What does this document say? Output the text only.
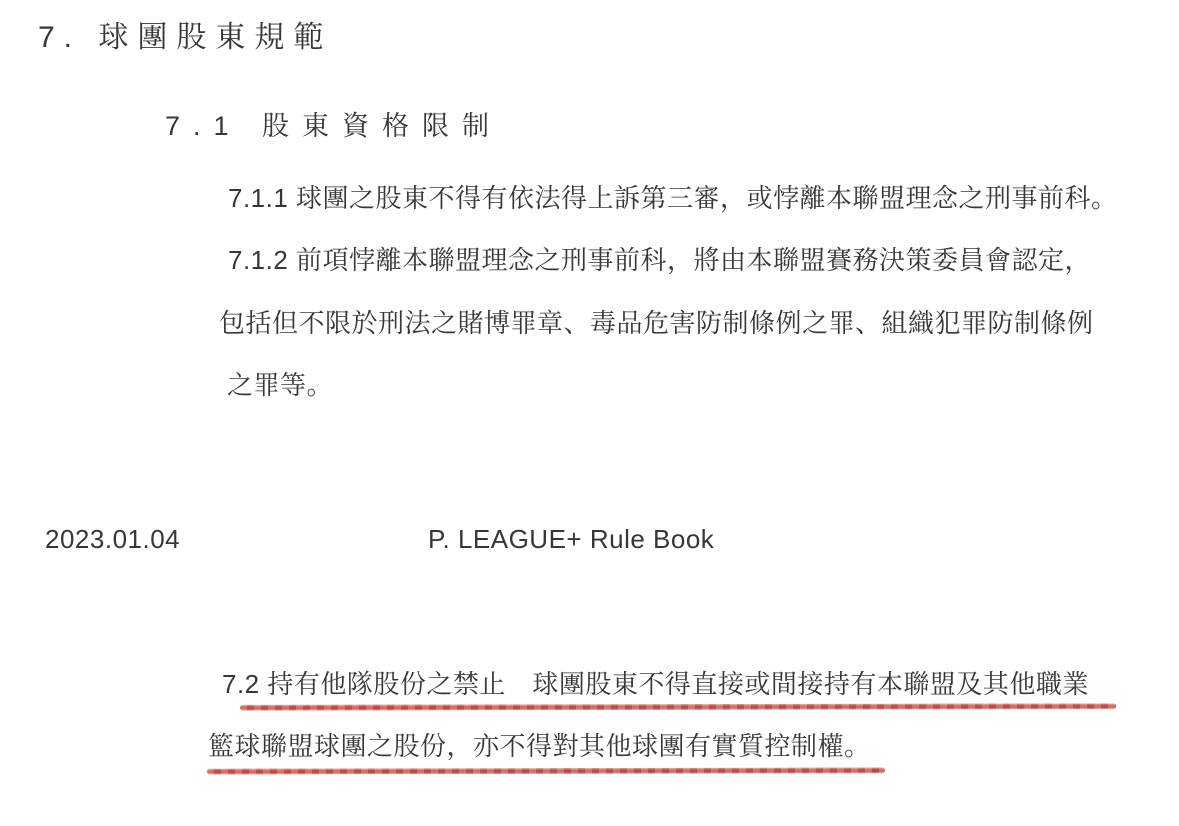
7. 球團股東規範
7.1 股東資格限制
7.1.1 球團之股東不得有依法得上訴第三審，或悖離本聯盟理念之刑事前科。
7.1.2 前項悖離本聯盟理念之刑事前科，將由本聯盟賽務決策委員會認定，
包括但不限於刑法之賭博罪章、毒品危害防制條例之罪、組織犯罪防制條例
之罪等。
2023.01.04	P. LEAGUE+ Rule Book
7.2 持有他隊股份之禁止　球團股東不得直接或間接持有本聯盟及其他職業
籃球聯盟球團之股份，亦不得對其他球團有實質控制權。
